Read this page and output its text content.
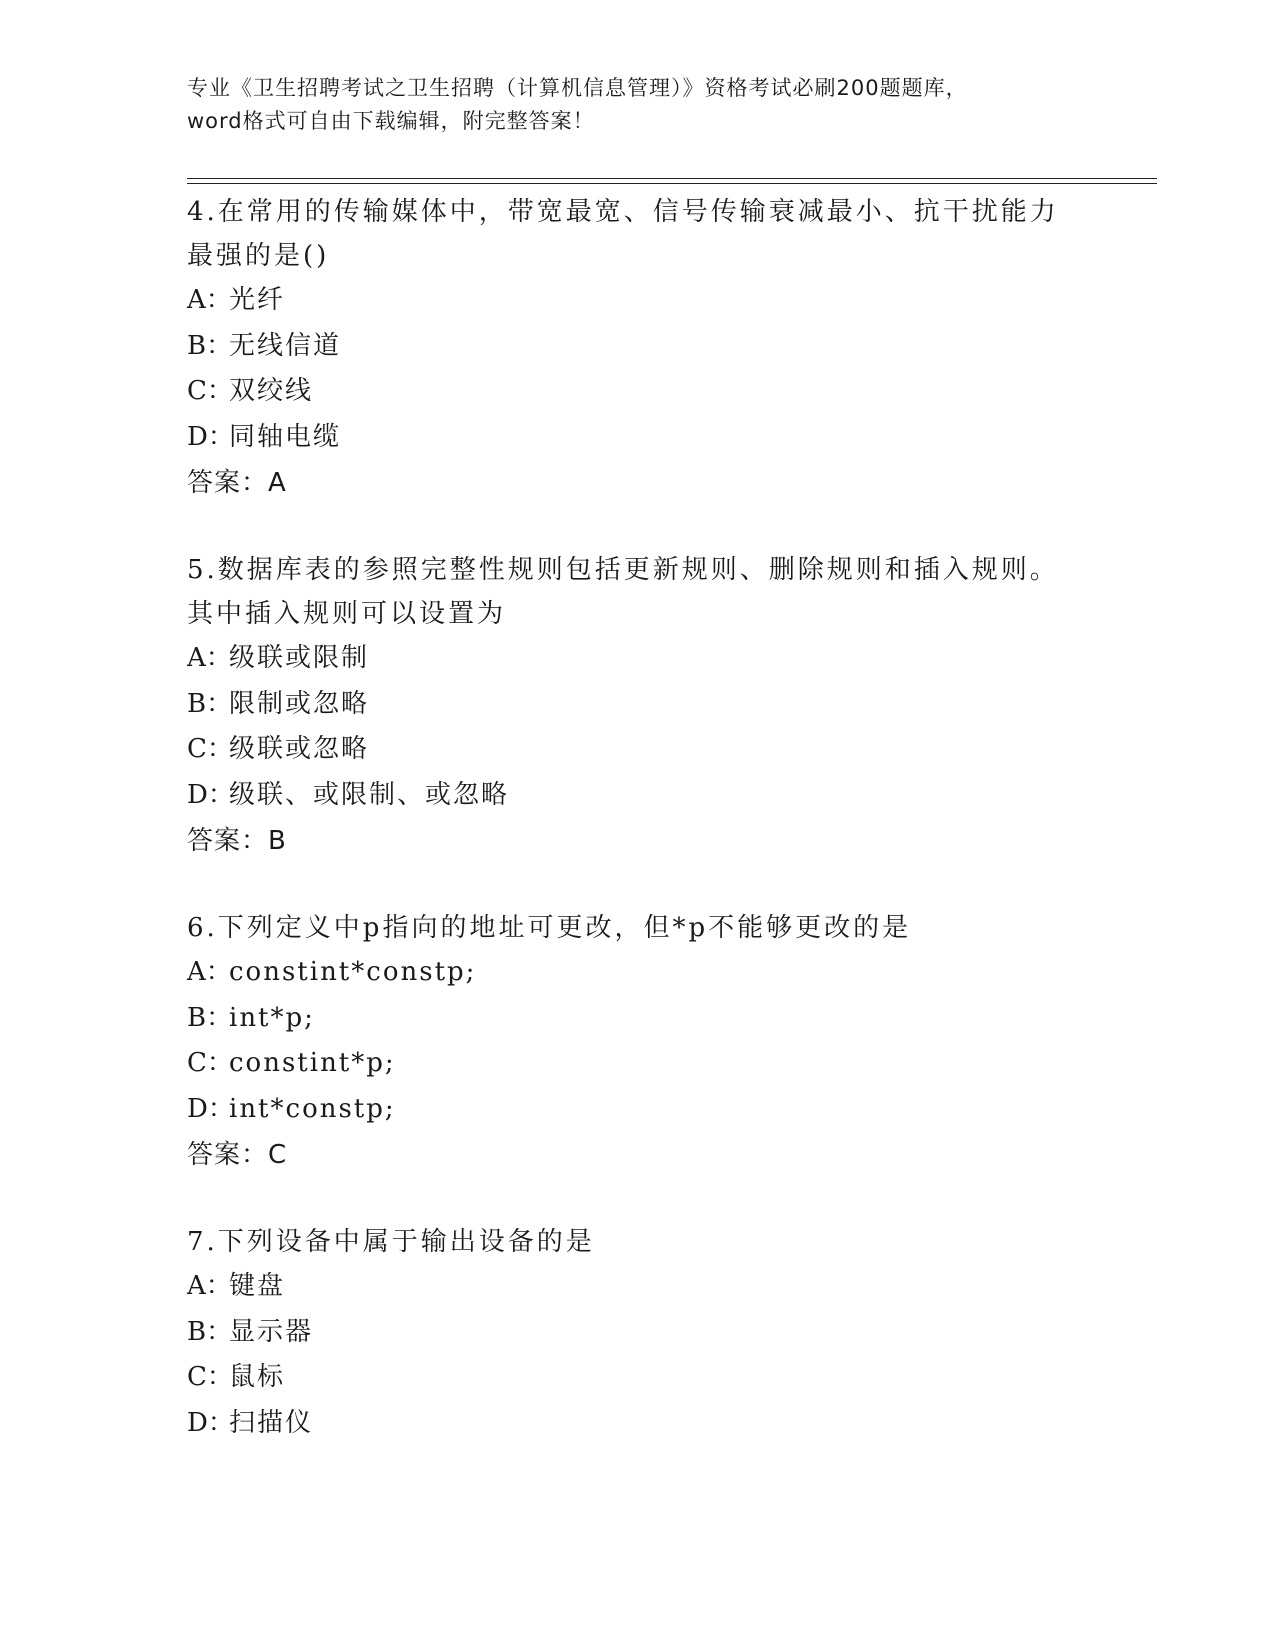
专业《卫生招聘考试之卫生招聘（计算机信息管理）》资格考试必刷200题题库，
word格式可自由下载编辑，附完整答案！

4.在常用的传输媒体中，带宽最宽、信号传输衰减最小、抗干扰能力

最强的是()

A：
光纤

B：
无线信道

C：
双绞线

D：
同轴电缆

答案：A

5.数据库表的参照完整性规则包括更新规则、删除规则和插入规则。

其中插入规则可以设置为

A：
级联或限制

B：
限制或忽略

C：
级联或忽略

D：
级联、或限制、或忽略

答案：B

6.下列定义中p指向的地址可更改，但*p不能够更改的是

A：
constint*constp;

B：
int*p;

C：
constint*p;

D：
int*constp;

答案：C

7.下列设备中属于输出设备的是

A：
键盘

B：
显示器

C：
鼠标

D：
扫描仪
